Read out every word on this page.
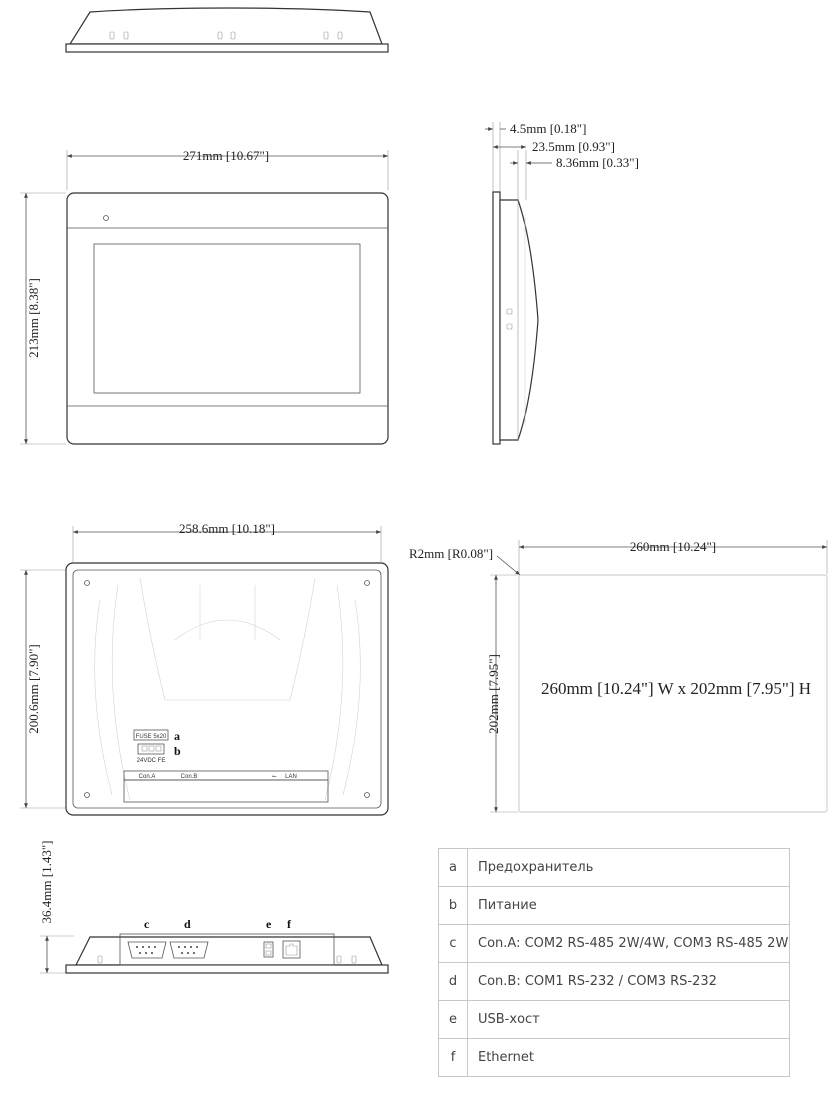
271mm [10.67"]
213mm [8.38"]
4.5mm [0.18"]
23.5mm [0.93"]
8.36mm [0.33"]
258.6mm [10.18"]
200.6mm [7.90"]
FUSE 5x20 a
24VDC FE
b
Con.A	Con.B	⭠ LAN
260mm [10.24"]
R2mm [R0.08"]
202mm [7.95"] 260mm [10.24"] W x 202mm [7.95"] H
36.4mm [1.43"]
c	d	e f
a	Предохранитель
b	Питание
c	Con.A: COM2 RS-485 2W/4W, COM3 RS-485 2W
d	Con.B: COM1 RS-232 / COM3 RS-232
e	USB-хост
f	Ethernet
